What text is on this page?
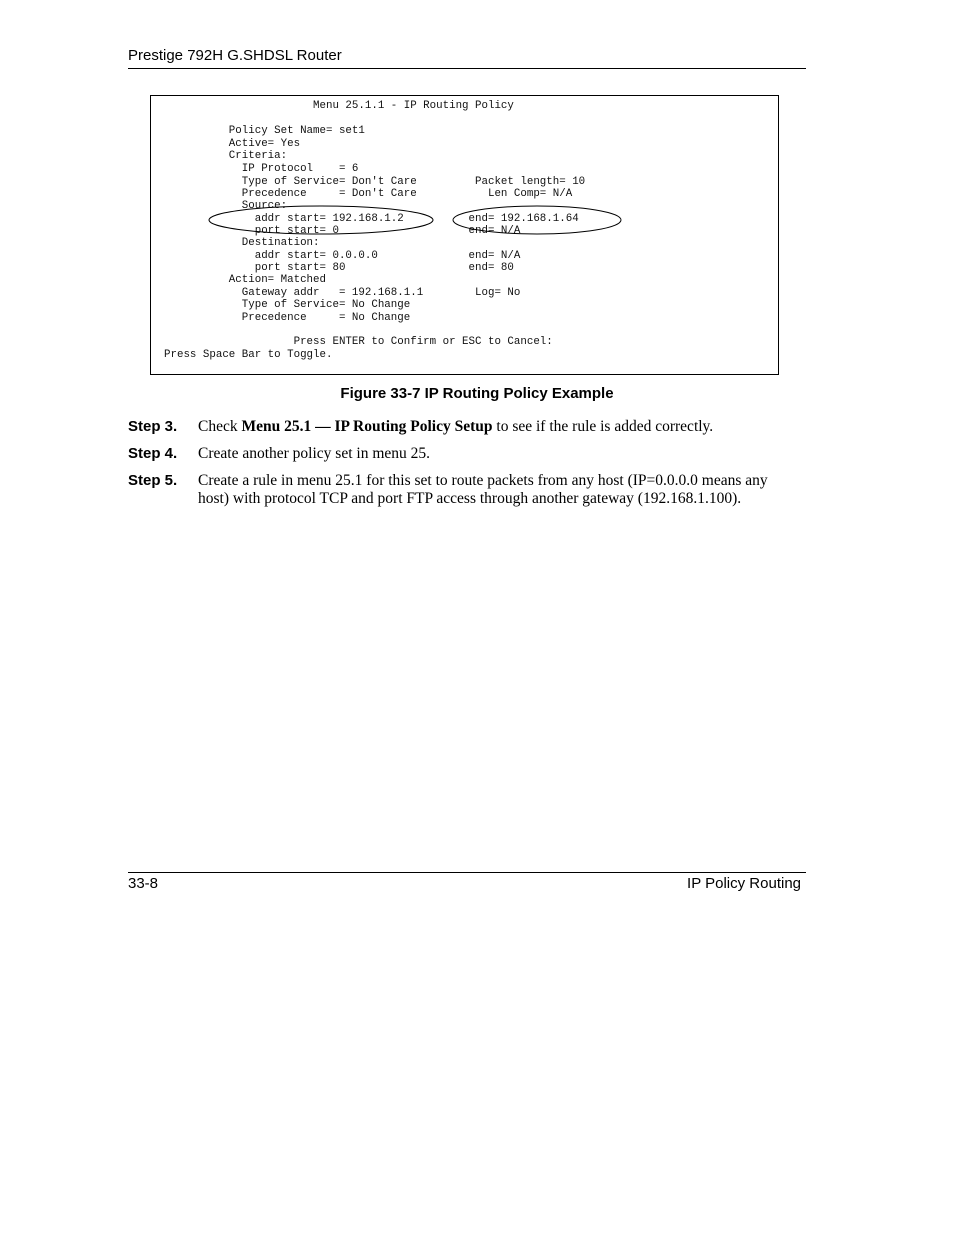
Prestige 792H G.SHDSL Router
Menu 25.1.1 - IP Routing Policy
Policy Set Name= set1
Active= Yes
Criteria:
IP Protocol    = 6
Type of Service= Don't Care         Packet length= 10
Precedence     = Don't Care           Len Comp= N/A
Source:
addr start= 192.168.1.2          end= 192.168.1.64
port start= 0                    end= N/A
Destination:
addr start= 0.0.0.0              end= N/A
port start= 80                   end= 80
Action= Matched
Gateway addr   = 192.168.1.1        Log= No
Type of Service= No Change
Precedence     = No Change
Press ENTER to Confirm or ESC to Cancel:
Press Space Bar to Toggle.
Figure 33-7 IP Routing Policy Example
Step 3. Check Menu 25.1 — IP Routing Policy Setup to see if the rule is added correctly.
Step 4. Create another policy set in menu 25.
Step 5. Create a rule in menu 25.1 for this set to route packets from any host (IP=0.0.0.0 means any host) with protocol TCP and port FTP access through another gateway (192.168.1.100).
33-8	IP Policy Routing
